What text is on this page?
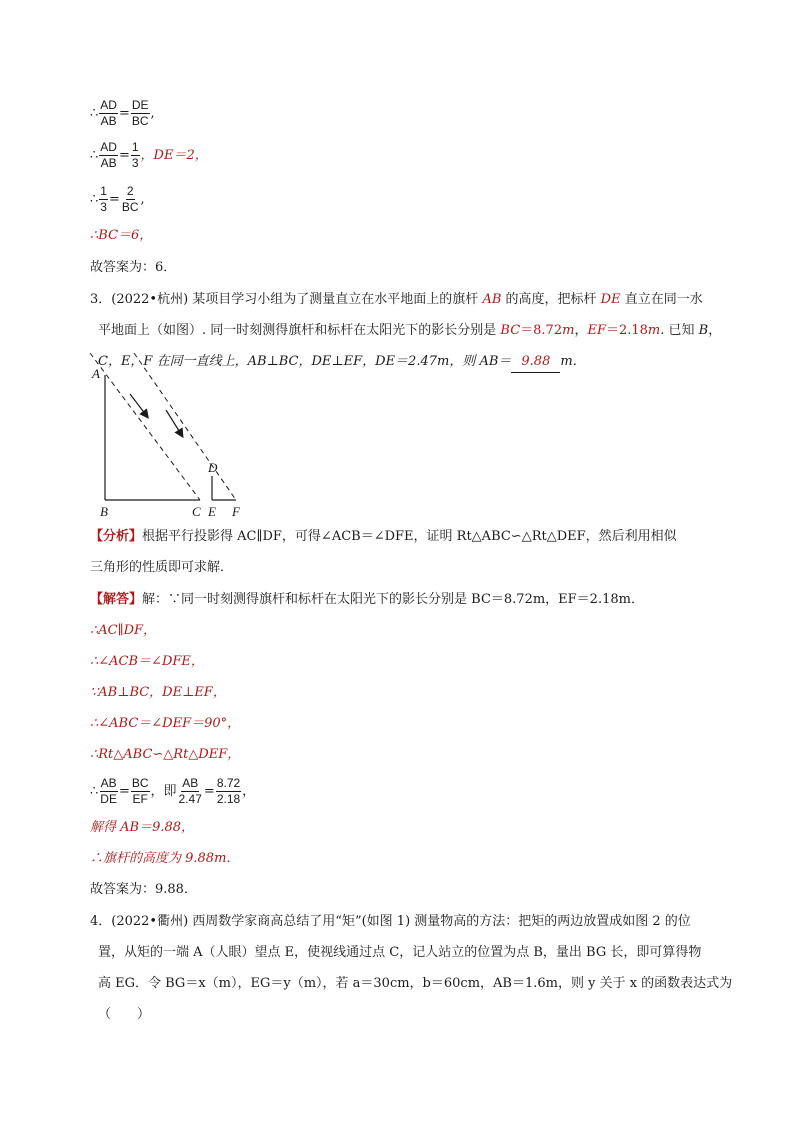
∴ $\frac{AD}{AB} = \frac{DE}{BC}$ ,
∴ $\frac{AD}{AB} = \frac{1}{3}$ ，DE＝2，
∴ $\frac{1}{3} = \frac{2}{BC}$ ,
∴BC＝6，
故答案为：6．
3．(2022•杭州) 某项目学习小组为了测量直立在水平地面上的旗杆 AB 的高度，把标杆 DE 直立在同一水
平地面上（如图）. 同一时刻测得旗杆和标杆在太阳光下的影长分别是 BC＝8.72m，EF＝2.18m. 已知 B，
C，E，F 在同一直线上，AB⊥BC，DE⊥EF，DE＝2.47m，则 AB＝ 9.88 m．
A
B	C
D
E F
【分析】根据平行投影得 AC∥DF，可得∠ACB＝∠DFE，证明 Rt△ABC∽△Rt△DEF，然后利用相似
三角形的性质即可求解．
【解答】解：∵同一时刻测得旗杆和标杆在太阳光下的影长分别是 BC＝8.72m，EF＝2.18m．
∴AC∥DF，
∴∠ACB＝∠DFE，
∵AB⊥BC，DE⊥EF，
∴∠ABC＝∠DEF＝90°，
∴Rt△ABC∽△Rt△DEF，
∴ $\frac{AB}{DE} = \frac{BC}{EF}$ ，即 $\frac{AB}{2.47} = \frac{8.72}{2.18}$ ，
解得 AB＝9.88，
∴旗杆的高度为 9.88m．
故答案为：9.88．
4．(2022•衢州) 西周数学家商高总结了用“矩”(如图 1) 测量物高的方法：把矩的两边放置成如图 2 的位
置，从矩的一端 A（人眼）望点 E，使视线通过点 C，记人站立的位置为点 B，量出 BG 长，即可算得物
高 EG．令 BG＝x（m），EG＝y（m），若 a＝30cm，b＝60cm，AB＝1.6m，则 y 关于 x 的函数表达式为
（　　）
